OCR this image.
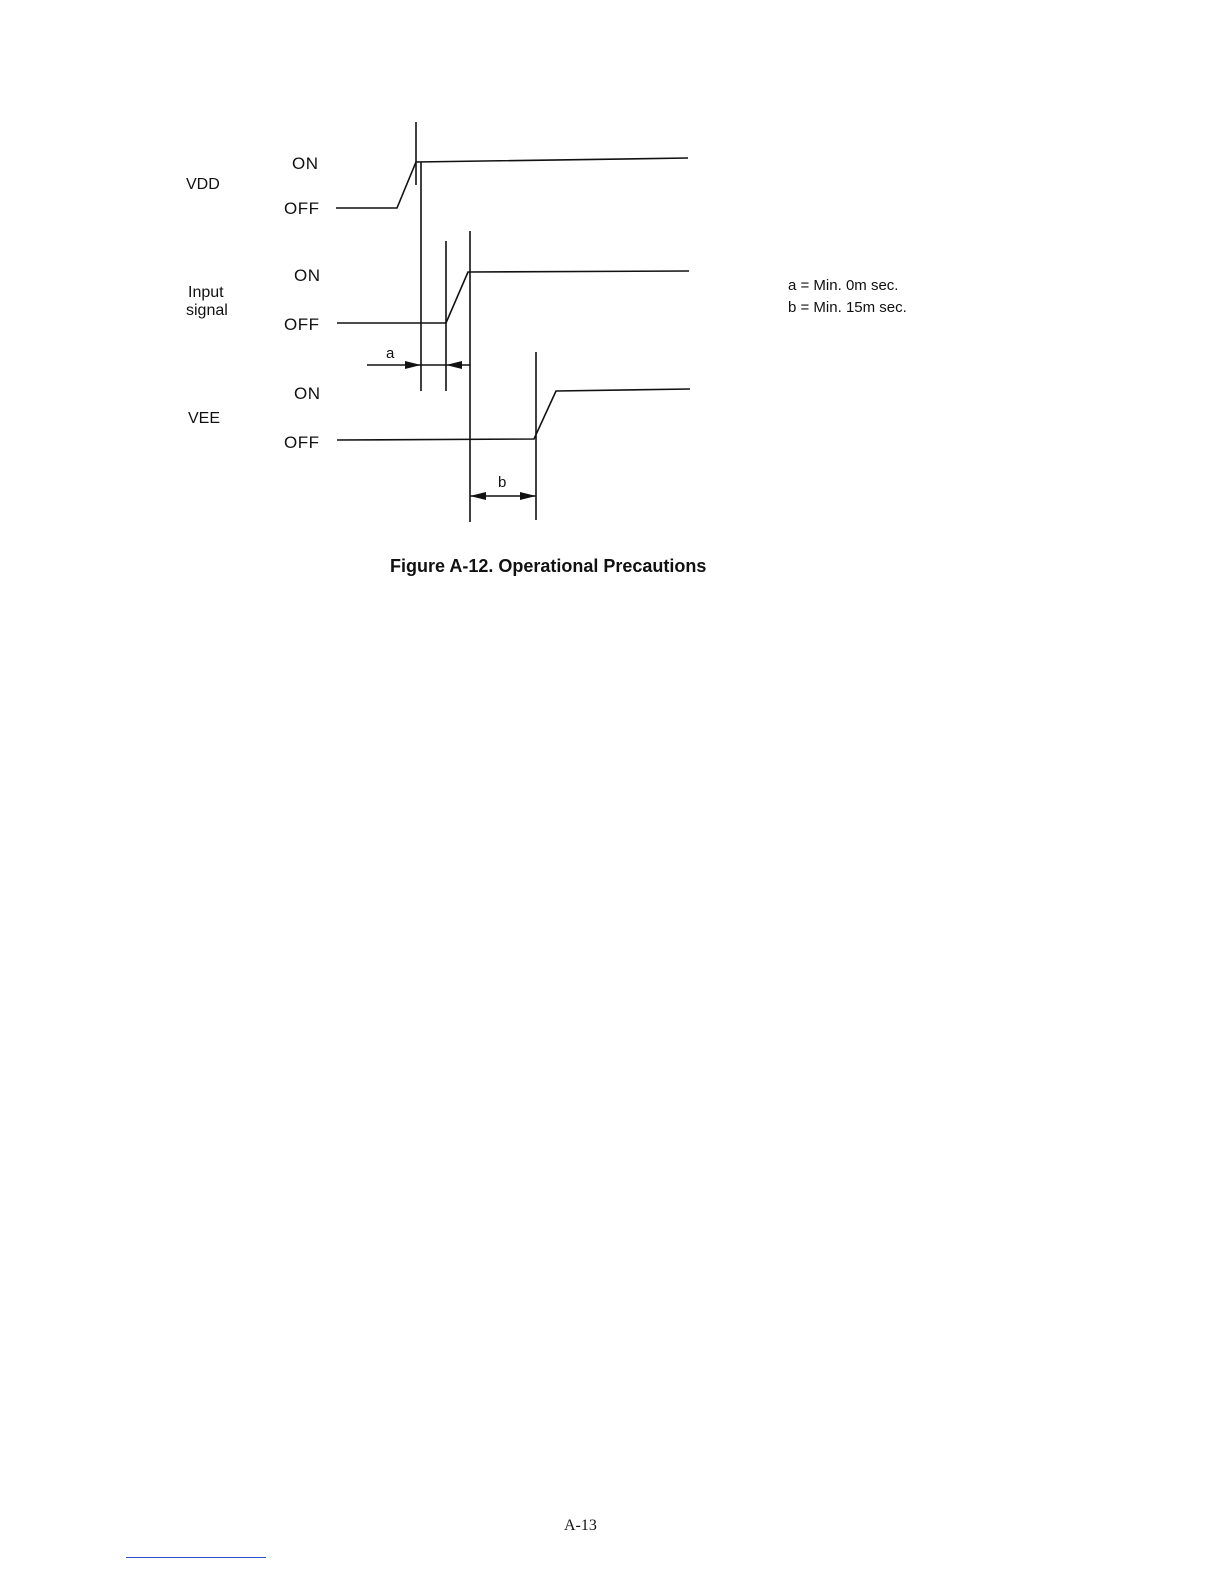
VDD
Input
signal
VEE
ON
OFF
ON
OFF
ON
OFF
a
b
a = Min. 0m sec.
b = Min. 15m sec.
Figure A-12. Operational Precautions
A-13
